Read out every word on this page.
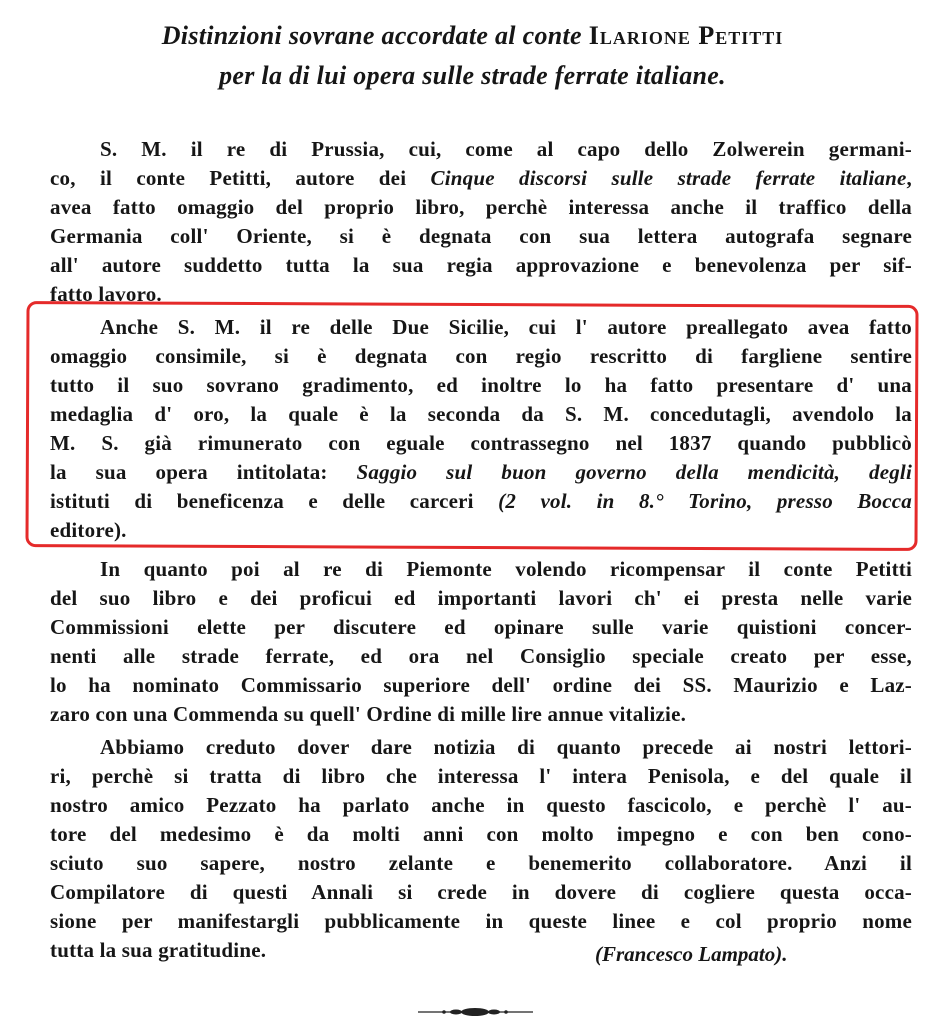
Distinzioni sovrane accordate al conte Ilarione Petitti
per la di lui opera sulle strade ferrate italiane.
S. M. il re di Prussia, cui, come al capo dello Zolwerein germani-
co, il conte Petitti, autore dei Cinque discorsi sulle strade ferrate italiane,
avea fatto omaggio del proprio libro, perchè interessa anche il traffico della
Germania coll' Oriente, si è degnata con sua lettera autografa segnare
all' autore suddetto tutta la sua regia approvazione e benevolenza per sif-
fatto lavoro.
Anche S. M. il re delle Due Sicilie, cui l' autore preallegato avea fatto
omaggio consimile, si è degnata con regio rescritto di fargliene sentire
tutto il suo sovrano gradimento, ed inoltre lo ha fatto presentare d' una
medaglia d' oro, la quale è la seconda da S. M. concedutagli, avendolo la
M. S. già rimunerato con eguale contrassegno nel 1837 quando pubblicò
la sua opera intitolata: Saggio sul buon governo della mendicità, degli
istituti di beneficenza e delle carceri (2 vol. in 8.° Torino, presso Bocca
editore).
In quanto poi al re di Piemonte volendo ricompensar il conte Petitti
del suo libro e dei proficui ed importanti lavori ch' ei presta nelle varie
Commissioni elette per discutere ed opinare sulle varie quistioni concer-
nenti alle strade ferrate, ed ora nel Consiglio speciale creato per esse,
lo ha nominato Commissario superiore dell' ordine dei SS. Maurizio e Laz-
zaro con una Commenda su quell' Ordine di mille lire annue vitalizie.
Abbiamo creduto dover dare notizia di quanto precede ai nostri lettori-
ri, perchè si tratta di libro che interessa l' intera Penisola, e del quale il
nostro amico Pezzato ha parlato anche in questo fascicolo, e perchè l' au-
tore del medesimo è da molti anni con molto impegno e con ben cono-
sciuto suo sapere, nostro zelante e benemerito collaboratore. Anzi il
Compilatore di questi Annali si crede in dovere di cogliere questa occa-
sione per manifestargli pubblicamente in queste linee e col proprio nome
tutta la sua gratitudine.	(Francesco Lampato).
